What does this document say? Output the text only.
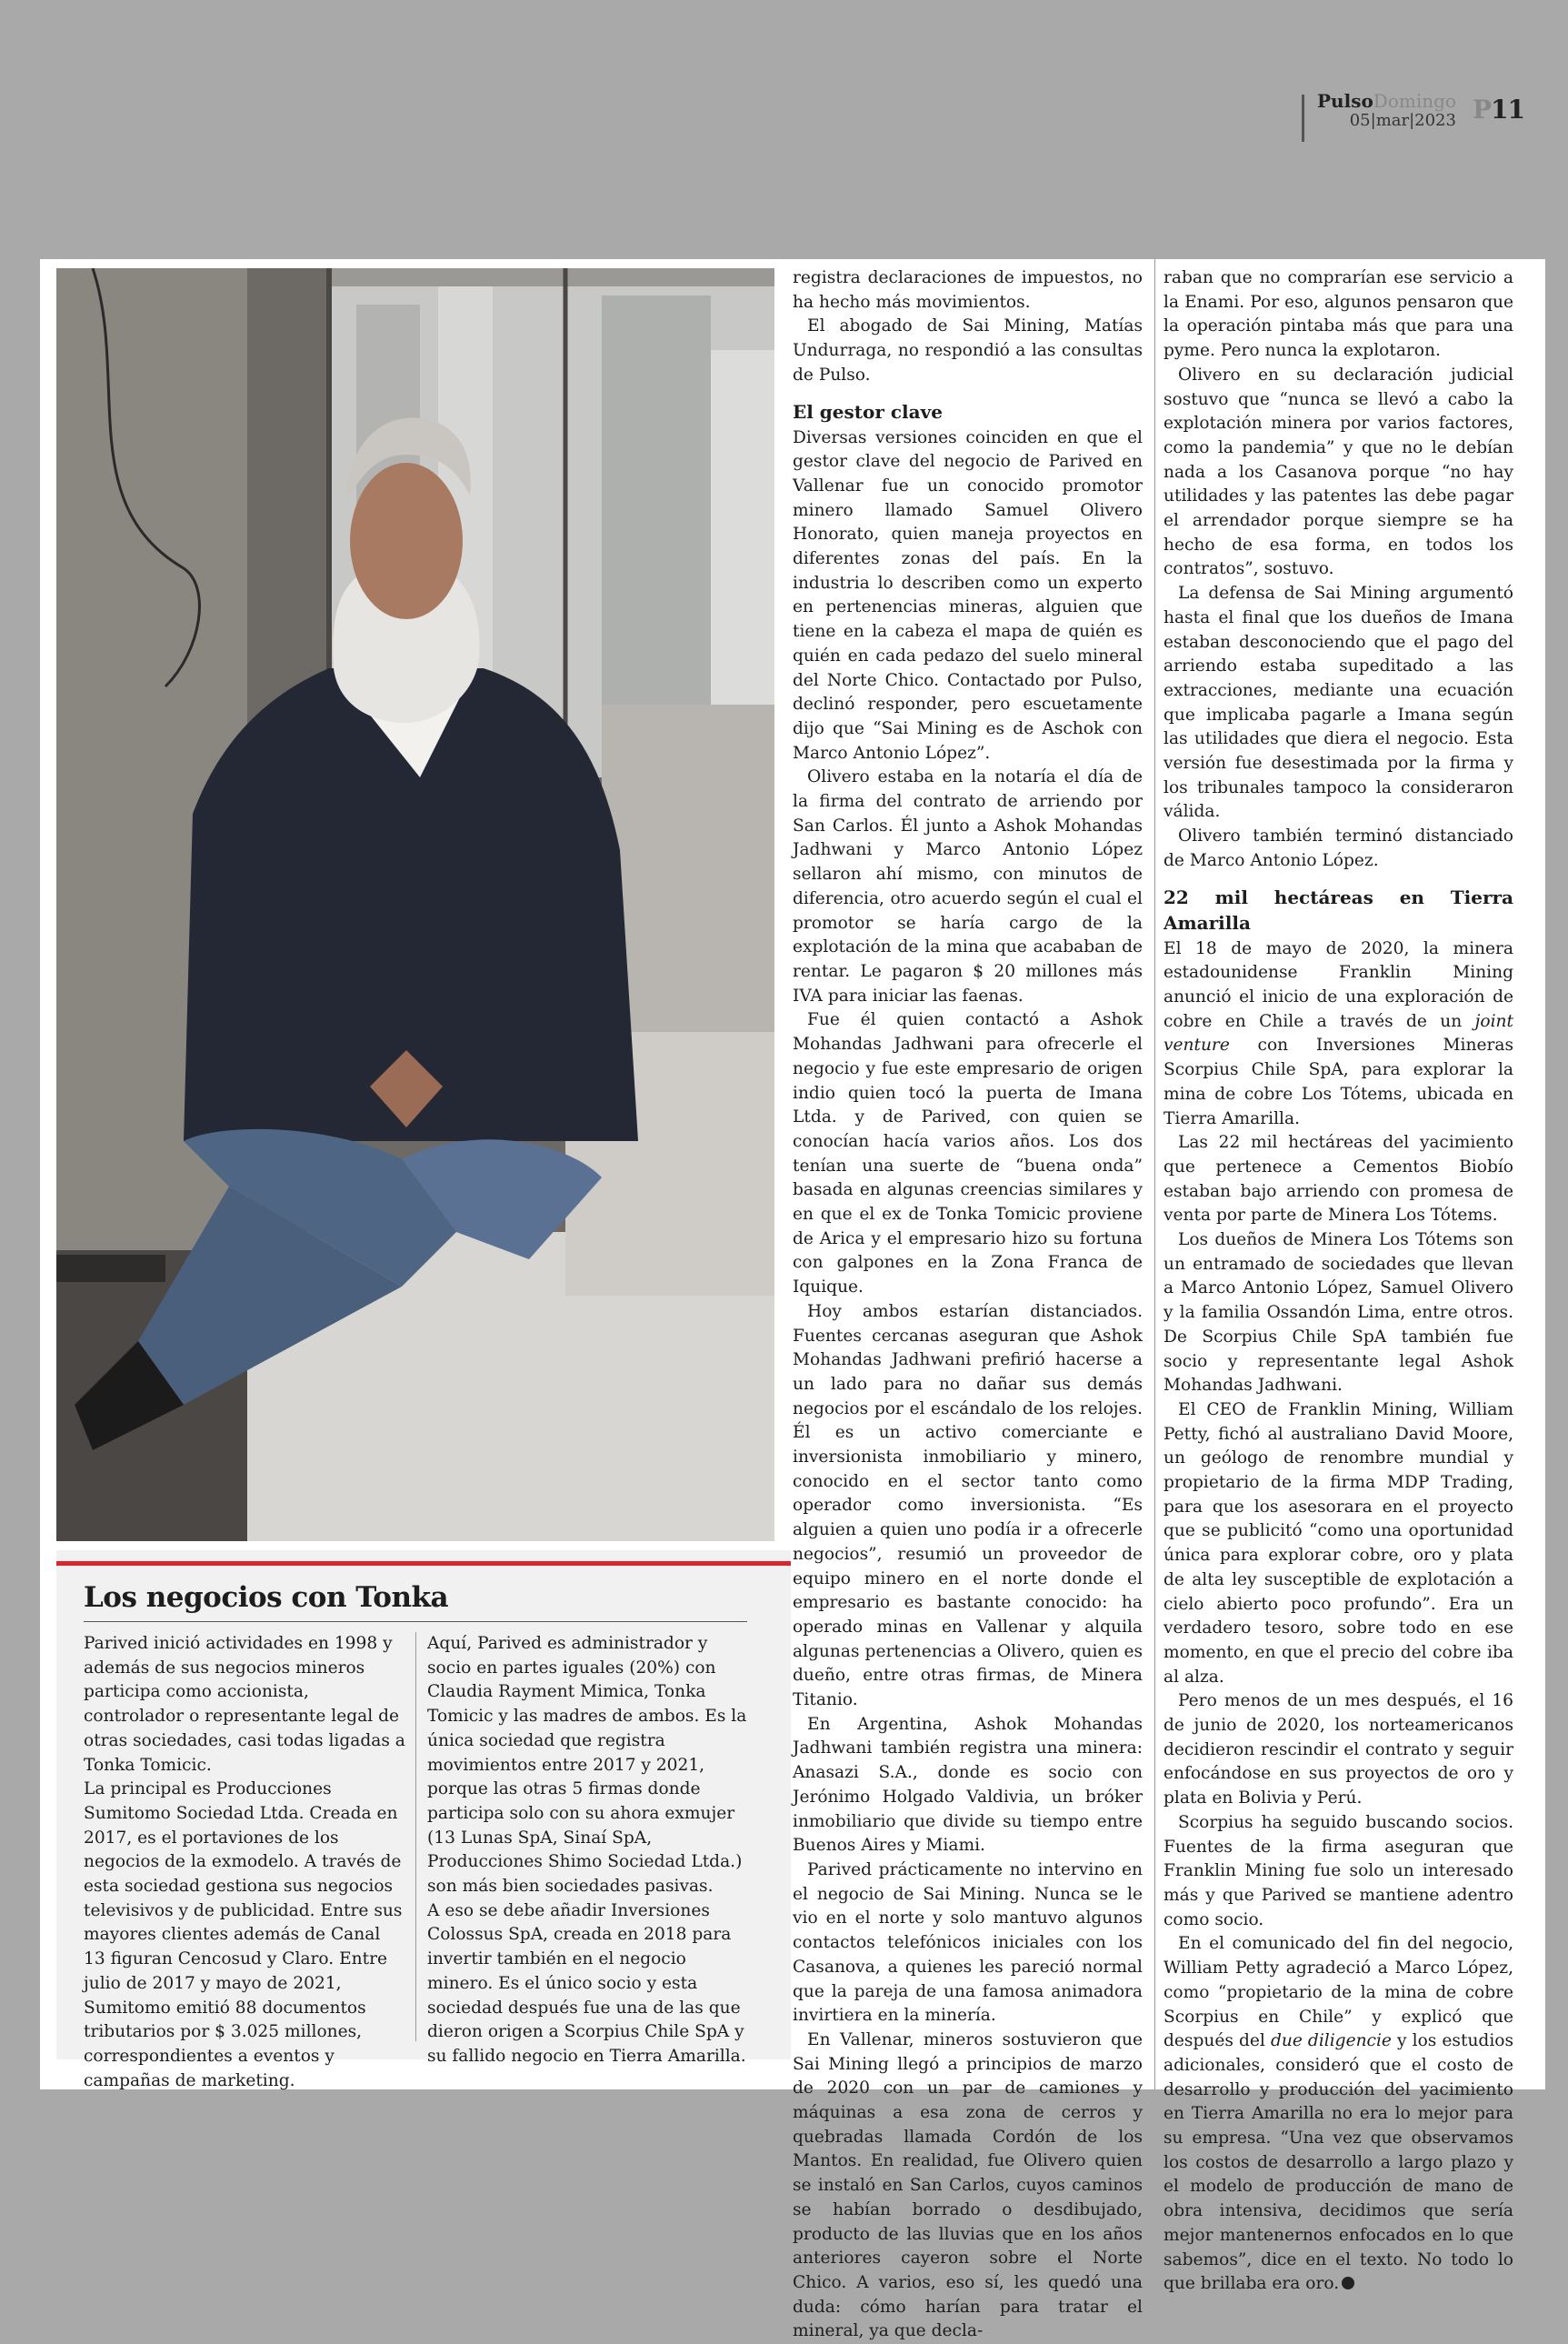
PulsoDomingo
05|mar|2023 P11

registra declaraciones de impuestos, no ha hecho más movimientos.

El abogado de Sai Mining, Matías Undurraga, no respondió a las consultas de Pulso.

El gestor clave

Diversas versiones coinciden en que el gestor clave del negocio de Parived en Vallenar fue un conocido promotor minero llamado Samuel Olivero Honorato, quien maneja proyectos en diferentes zonas del país. En la industria lo describen como un experto en pertenencias mineras, alguien que tiene en la cabeza el mapa de quién es quién en cada pedazo del suelo mineral del Norte Chico. Contactado por Pulso, declinó responder, pero escuetamente dijo que “Sai Mining es de Aschok con Marco Antonio López”.

Olivero estaba en la notaría el día de la firma del contrato de arriendo por San Carlos. Él junto a Ashok Mohandas Jadhwani y Marco Antonio López sellaron ahí mismo, con minutos de diferencia, otro acuerdo según el cual el promotor se haría cargo de la explotación de la mina que acababan de rentar. Le pagaron $ 20 millones más IVA para iniciar las faenas.

Fue él quien contactó a Ashok Mohandas Jadhwani para ofrecerle el negocio y fue este empresario de origen indio quien tocó la puerta de Imana Ltda. y de Parived, con quien se conocían hacía varios años. Los dos tenían una suerte de “buena onda” basada en algunas creencias similares y en que el ex de Tonka Tomicic proviene de Arica y el empresario hizo su fortuna con galpones en la Zona Franca de Iquique.

Hoy ambos estarían distanciados. Fuentes cercanas aseguran que Ashok Mohandas Jadhwani prefirió hacerse a un lado para no dañar sus demás negocios por el escándalo de los relojes. Él es un activo comerciante e inversionista inmobiliario y minero, conocido en el sector tanto como operador como inversionista. “Es alguien a quien uno podía ir a ofrecerle negocios”, resumió un proveedor de equipo minero en el norte donde el empresario es bastante conocido: ha operado minas en Vallenar y alquila algunas pertenencias a Olivero, quien es dueño, entre otras firmas, de Minera Titanio.

En Argentina, Ashok Mohandas Jadhwani también registra una minera: Anasazi S.A., donde es socio con Jerónimo Holgado Valdivia, un bróker inmobiliario que divide su tiempo entre Buenos Aires y Miami.

Parived prácticamente no intervino en el negocio de Sai Mining. Nunca se le vio en el norte y solo mantuvo algunos contactos telefónicos iniciales con los Casanova, a quienes les pareció normal que la pareja de una famosa animadora invirtiera en la minería.

En Vallenar, mineros sostuvieron que Sai Mining llegó a principios de marzo de 2020 con un par de camiones y máquinas a esa zona de cerros y quebradas llamada Cordón de los Mantos. En realidad, fue Olivero quien se instaló en San Carlos, cuyos caminos se habían borrado o desdibujado, producto de las lluvias que en los años anteriores cayeron sobre el Norte Chico. A varios, eso sí, les quedó una duda: cómo harían para tratar el mineral, ya que decla-

raban que no comprarían ese servicio a la Enami. Por eso, algunos pensaron que la operación pintaba más que para una pyme. Pero nunca la explotaron.

Olivero en su declaración judicial sostuvo que “nunca se llevó a cabo la explotación minera por varios factores, como la pandemia” y que no le debían nada a los Casanova porque “no hay utilidades y las patentes las debe pagar el arrendador porque siempre se ha hecho de esa forma, en todos los contratos”, sostuvo.

La defensa de Sai Mining argumentó hasta el final que los dueños de Imana estaban desconociendo que el pago del arriendo estaba supeditado a las extracciones, mediante una ecuación que implicaba pagarle a Imana según las utilidades que diera el negocio. Esta versión fue desestimada por la firma y los tribunales tampoco la consideraron válida.

Olivero también terminó distanciado de Marco Antonio López.

22 mil hectáreas en Tierra Amarilla

El 18 de mayo de 2020, la minera estadounidense Franklin Mining anunció el inicio de una exploración de cobre en Chile a través de un joint venture con Inversiones Mineras Scorpius Chile SpA, para explorar la mina de cobre Los Tótems, ubicada en Tierra Amarilla.

Las 22 mil hectáreas del yacimiento que pertenece a Cementos Biobío estaban bajo arriendo con promesa de venta por parte de Minera Los Tótems.

Los dueños de Minera Los Tótems son un entramado de sociedades que llevan a Marco Antonio López, Samuel Olivero y la familia Ossandón Lima, entre otros. De Scorpius Chile SpA también fue socio y representante legal Ashok Mohandas Jadhwani.

El CEO de Franklin Mining, William Petty, fichó al australiano David Moore, un geólogo de renombre mundial y propietario de la firma MDP Trading, para que los asesorara en el proyecto que se publicitó “como una oportunidad única para explorar cobre, oro y plata de alta ley susceptible de explotación a cielo abierto poco profundo”. Era un verdadero tesoro, sobre todo en ese momento, en que el precio del cobre iba al alza.

Pero menos de un mes después, el 16 de junio de 2020, los norteamericanos decidieron rescindir el contrato y seguir enfocándose en sus proyectos de oro y plata en Bolivia y Perú.

Scorpius ha seguido buscando socios. Fuentes de la firma aseguran que Franklin Mining fue solo un interesado más y que Parived se mantiene adentro como socio.

En el comunicado del fin del negocio, William Petty agradeció a Marco López, como “propietario de la mina de cobre Scorpius en Chile” y explicó que después del due diligencie y los estudios adicionales, consideró que el costo de desarrollo y producción del yacimiento en Tierra Amarilla no era lo mejor para su empresa. “Una vez que observamos los costos de desarrollo a largo plazo y el modelo de producción de mano de obra intensiva, decidimos que sería mejor mantenernos enfocados en lo que sabemos”, dice en el texto. No todo lo que brillaba era oro.

Los negocios con Tonka

Parived inició actividades en 1998 y además de sus negocios mineros participa como accionista, controlador o representante legal de otras sociedades, casi todas ligadas a Tonka Tomicic.

La principal es Producciones Sumitomo Sociedad Ltda. Creada en 2017, es el portaviones de los negocios de la exmodelo. A través de esta sociedad gestiona sus negocios televisivos y de publicidad. Entre sus mayores clientes además de Canal 13 figuran Cencosud y Claro. Entre julio de 2017 y mayo de 2021, Sumitomo emitió 88 documentos tributarios por $ 3.025 millones, correspondientes a eventos y campañas de marketing.

Aquí, Parived es administrador y socio en partes iguales (20%) con Claudia Rayment Mimica, Tonka Tomicic y las madres de ambos. Es la única sociedad que registra movimientos entre 2017 y 2021, porque las otras 5 firmas donde participa solo con su ahora exmujer (13 Lunas SpA, Sinaí SpA, Producciones Shimo Sociedad Ltda.) son más bien sociedades pasivas.

A eso se debe añadir Inversiones Colossus SpA, creada en 2018 para invertir también en el negocio minero. Es el único socio y esta sociedad después fue una de las que dieron origen a Scorpius Chile SpA y su fallido negocio en Tierra Amarilla.
